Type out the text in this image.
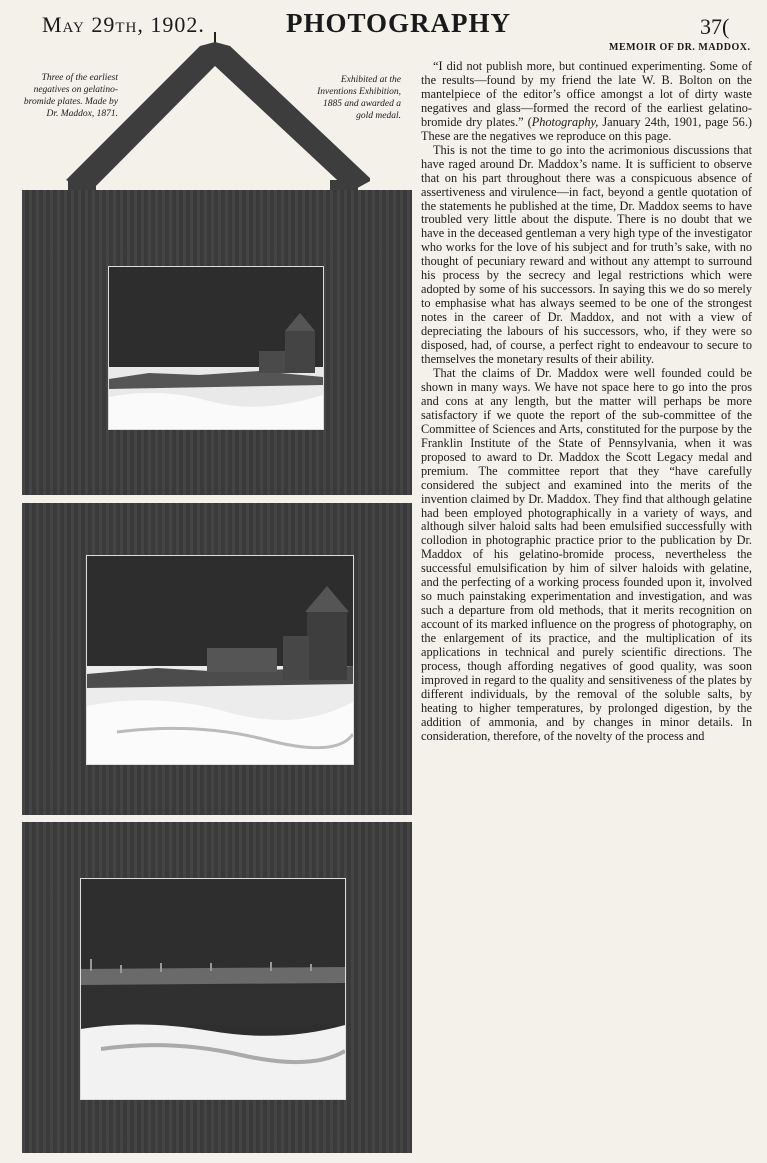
May 29th, 1902.	PHOTOGRAPHY	37(
MEMOIR OF DR. MADDOX.
Three of the earliest negatives on gelatino-bromide plates. Made by Dr. Maddox, 1871.
Exhibited at the Inventions Exhibition, 1885 and awarded a gold medal.

“I did not publish more, but continued experimenting. Some of the results—found by my friend the late W. B. Bolton on the mantelpiece of the editor’s office amongst a lot of dirty waste negatives and glass—formed the record of the earliest gelatino-bromide dry plates.” (Photography, January 24th, 1901, page 56.) These are the negatives we reproduce on this page.

This is not the time to go into the acrimonious discussions that have raged around Dr. Maddox’s name. It is sufficient to observe that on his part throughout there was a conspicuous absence of assertiveness and virulence—in fact, beyond a gentle quotation of the statements he published at the time, Dr. Maddox seems to have troubled very little about the dispute. There is no doubt that we have in the deceased gentleman a very high type of the investigator who works for the love of his subject and for truth’s sake, with no thought of pecuniary reward and without any attempt to surround his process by the secrecy and legal restrictions which were adopted by some of his successors. In saying this we do so merely to emphasise what has always seemed to be one of the strongest notes in the career of Dr. Maddox, and not with a view of depreciating the labours of his successors, who, if they were so disposed, had, of course, a perfect right to endeavour to secure to themselves the monetary results of their ability.

That the claims of Dr. Maddox were well founded could be shown in many ways. We have not space here to go into the pros and cons at any length, but the matter will perhaps be more satisfactory if we quote the report of the sub-committee of the Committee of Sciences and Arts, constituted for the purpose by the Franklin Institute of the State of Pennsylvania, when it was proposed to award to Dr. Maddox the Scott Legacy medal and premium. The committee report that they “have carefully considered the subject and examined into the merits of the invention claimed by Dr. Maddox. They find that although gelatine had been employed photographically in a variety of ways, and although silver haloid salts had been emulsified successfully with collodion in photographic practice prior to the publication by Dr. Maddox of his gelatino-bromide process, nevertheless the successful emulsification by him of silver haloids with gelatine, and the perfecting of a working process founded upon it, involved so much painstaking experimentation and investigation, and was such a departure from old methods, that it merits recognition on account of its marked influence on the progress of photography, on the enlargement of its practice, and the multiplication of its applications in technical and purely scientific directions. The process, though affording negatives of good quality, was soon improved in regard to the quality and sensitiveness of the plates by different individuals, by the removal of the soluble salts, by heating to higher temperatures, by prolonged digestion, by the addition of ammonia, and by changes in minor details. In consideration, therefore, of the novelty of the process and
